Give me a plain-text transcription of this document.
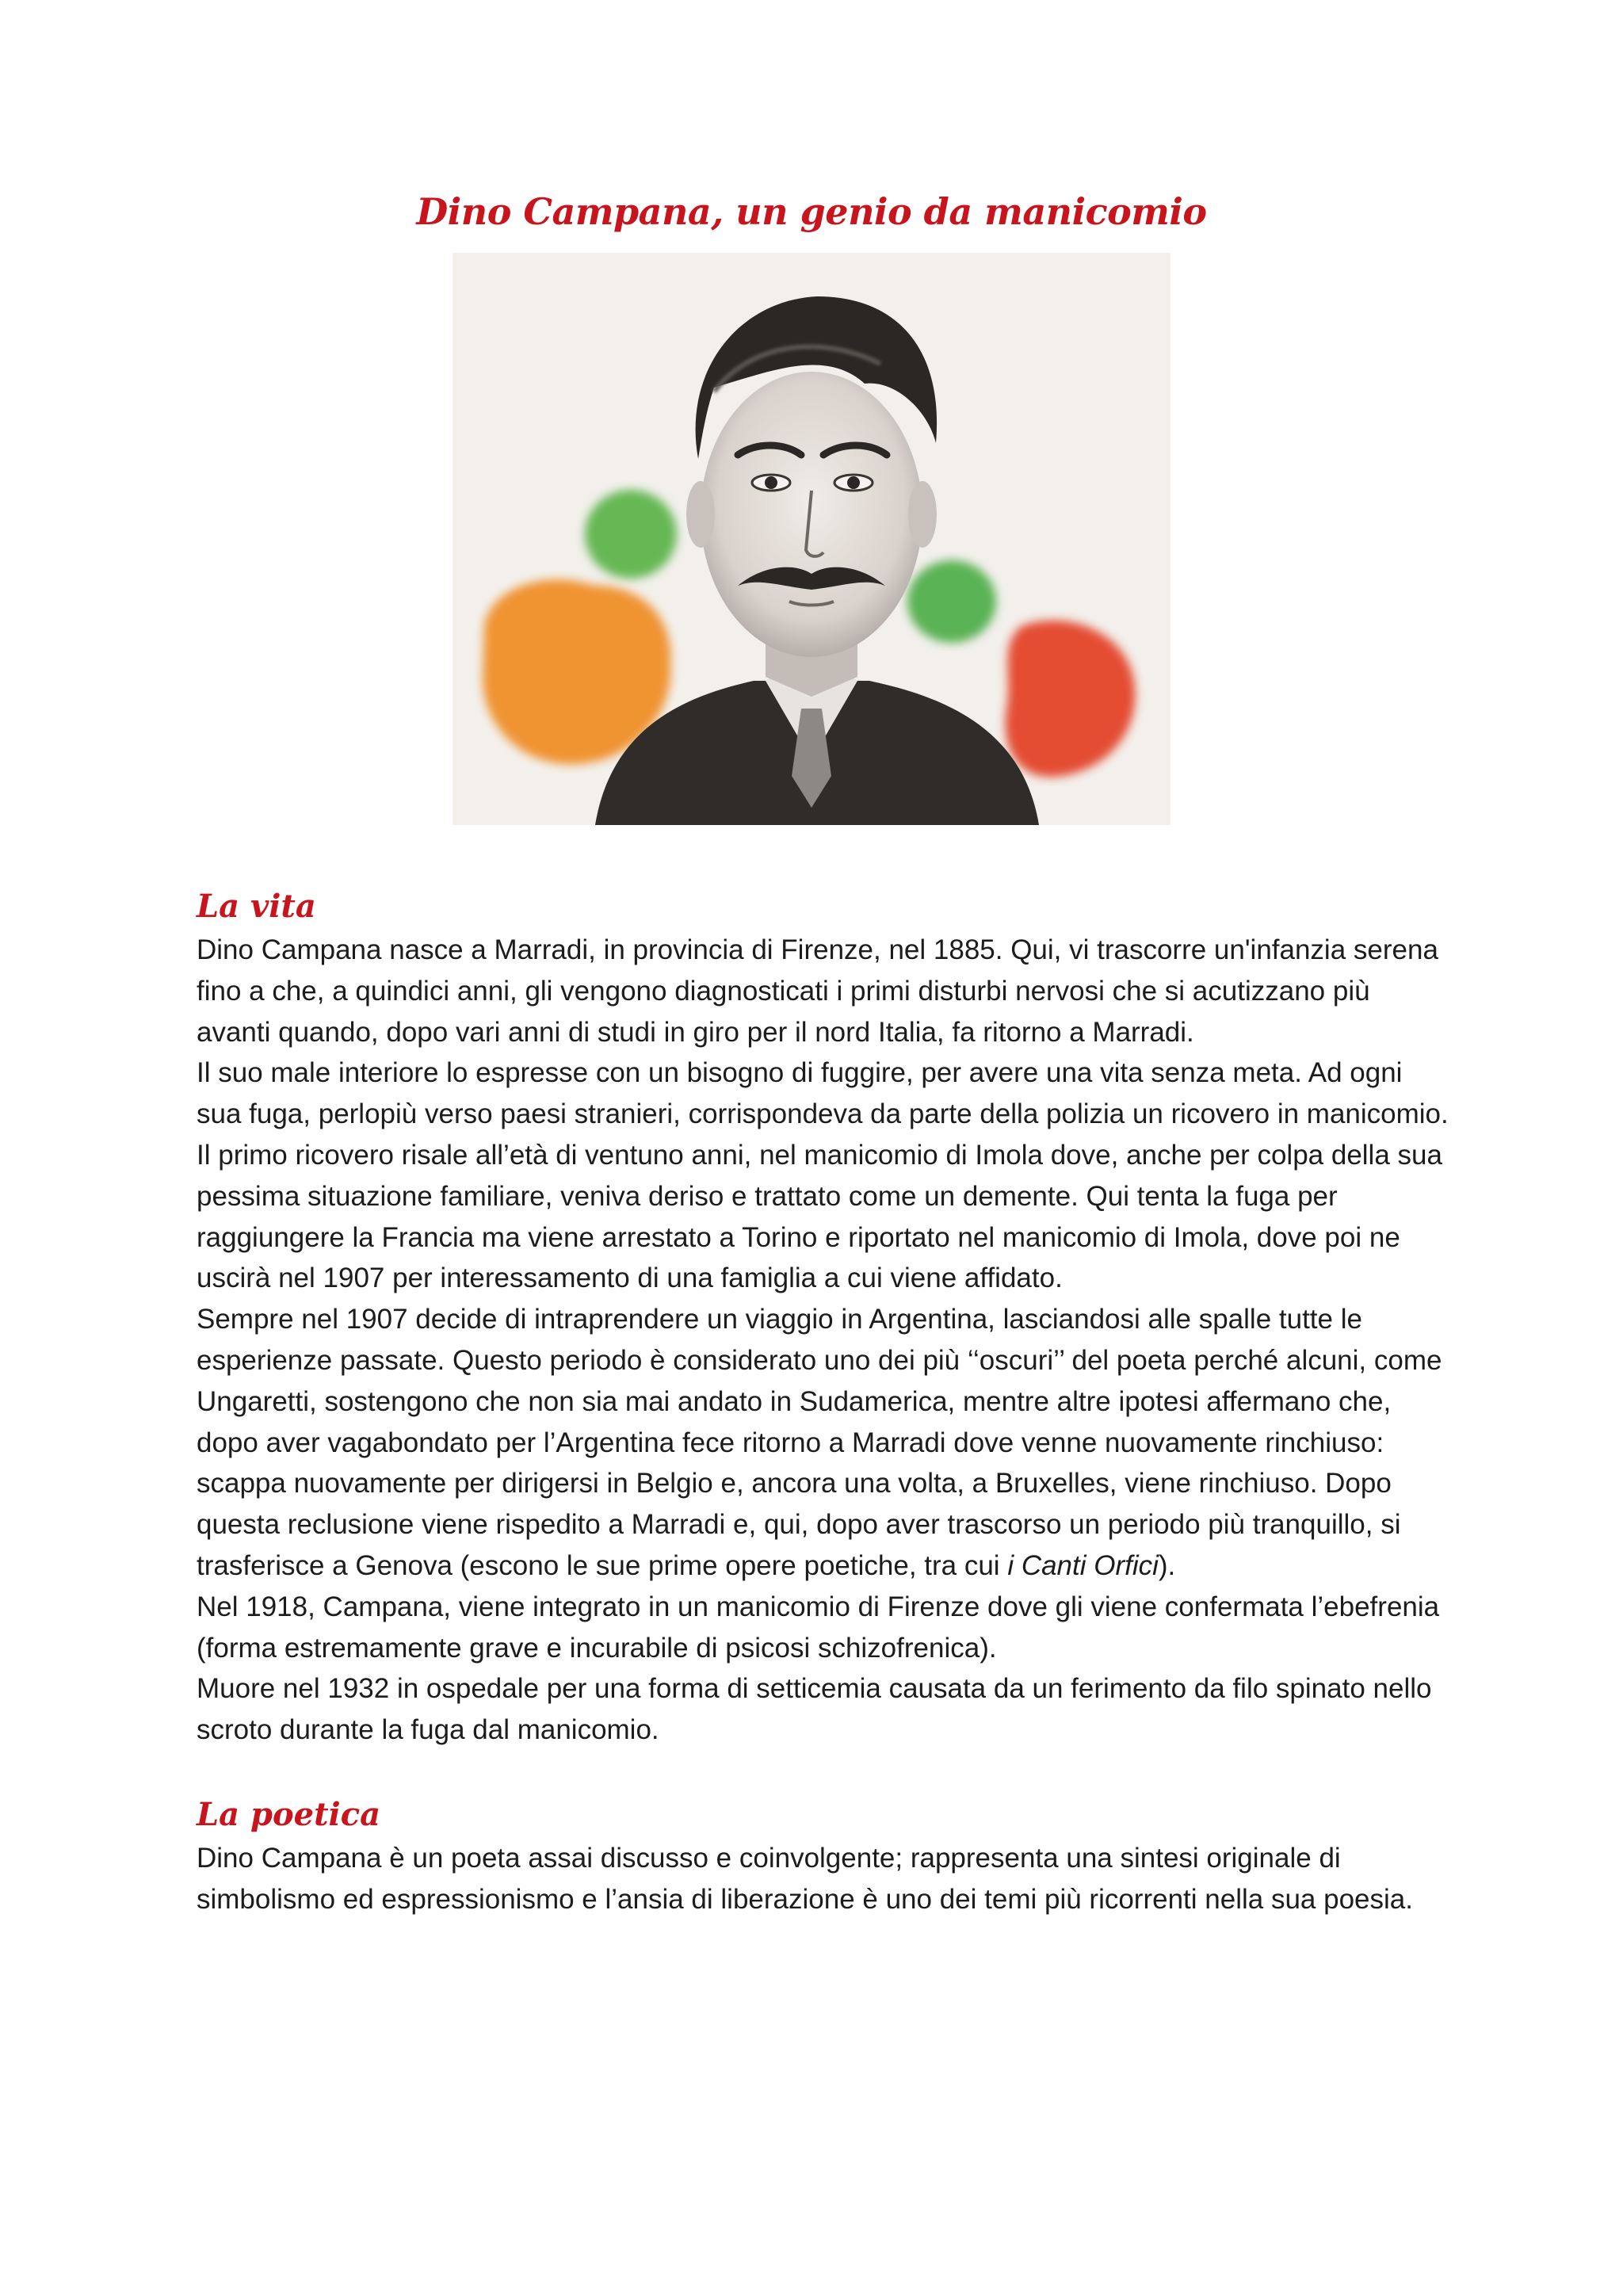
Dino Campana, un genio da manicomio
La vita

Dino Campana nasce a Marradi, in provincia di Firenze, nel 1885. Qui, vi trascorre un'infanzia serena fino a che, a quindici anni, gli vengono diagnosticati i primi disturbi nervosi che si acutizzano più avanti quando, dopo vari anni di studi in giro per il nord Italia, fa ritorno a Marradi.

Il suo male interiore lo espresse con un bisogno di fuggire, per avere una vita senza meta. Ad ogni sua fuga, perlopiù verso paesi stranieri, corrispondeva da parte della polizia un ricovero in manicomio. Il primo ricovero risale all’età di ventuno anni, nel manicomio di Imola dove, anche per colpa della sua pessima situazione familiare, veniva deriso e trattato come un demente. Qui tenta la fuga per raggiungere la Francia ma viene arrestato a Torino e riportato nel manicomio di Imola, dove poi ne uscirà nel 1907 per interessamento di una famiglia a cui viene affidato.

Sempre nel 1907 decide di intraprendere un viaggio in Argentina, lasciandosi alle spalle tutte le esperienze passate. Questo periodo è considerato uno dei più ‘‘oscuri’’ del poeta perché alcuni, come Ungaretti, sostengono che non sia mai andato in Sudamerica, mentre altre ipotesi affermano che, dopo aver vagabondato per l’Argentina fece ritorno a Marradi dove venne nuovamente rinchiuso: scappa nuovamente per dirigersi in Belgio e, ancora una volta, a Bruxelles, viene rinchiuso. Dopo questa reclusione viene rispedito a Marradi e, qui, dopo aver trascorso un periodo più tranquillo, si trasferisce a Genova (escono le sue prime opere poetiche, tra cui i Canti Orfici).

Nel 1918, Campana, viene integrato in un manicomio di Firenze dove gli viene confermata l’ebefrenia (forma estremamente grave e incurabile di psicosi schizofrenica).

Muore nel 1932 in ospedale per una forma di setticemia causata da un ferimento da filo spinato nello scroto durante la fuga dal manicomio.

La poetica

Dino Campana è un poeta assai discusso e coinvolgente; rappresenta una sintesi originale di simbolismo ed espressionismo e l’ansia di liberazione è uno dei temi più ricorrenti nella sua poesia.
